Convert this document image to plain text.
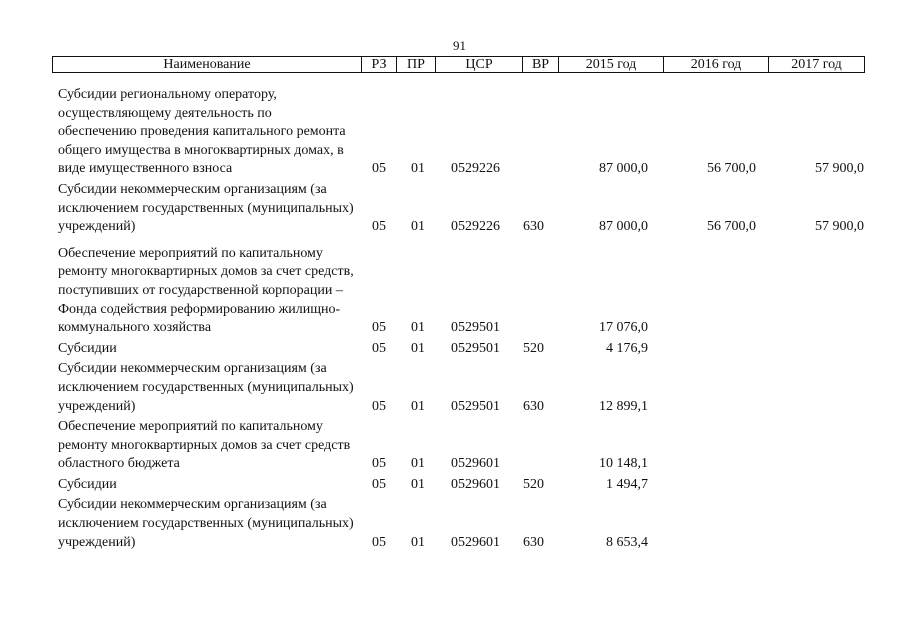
91
Наименование	РЗ	ПР	ЦСР	ВР	2015 год	2016 год	2017 год
Субсидии региональному оператору, осуществляющему деятельность по обеспечению проведения капитального ремонта общего имущества в многоквартирных домах, в виде имущественного взноса	05 01 0529226	87 000,0	56 700,0	57 900,0
Субсидии некоммерческим организациям (за исключением государственных (муниципальных) учреждений)	05 01 0529226 630	87 000,0	56 700,0	57 900,0
Обеспечение мероприятий по капитальному ремонту многоквартирных домов за счет средств, поступивших от государственной корпорации – Фонда содействия реформированию жилищно-коммунального хозяйства	05 01 0529501	17 076,0
Субсидии	05 01 0529501 520	4 176,9
Субсидии некоммерческим организациям (за исключением государственных (муниципальных) учреждений)	05 01 0529501 630	12 899,1
Обеспечение мероприятий по капитальному ремонту многоквартирных домов за счет средств областного бюджета	05 01 0529601	10 148,1
Субсидии	05 01 0529601 520	1 494,7
Субсидии некоммерческим организациям (за исключением государственных (муниципальных) учреждений)	05 01 0529601 630	8 653,4
